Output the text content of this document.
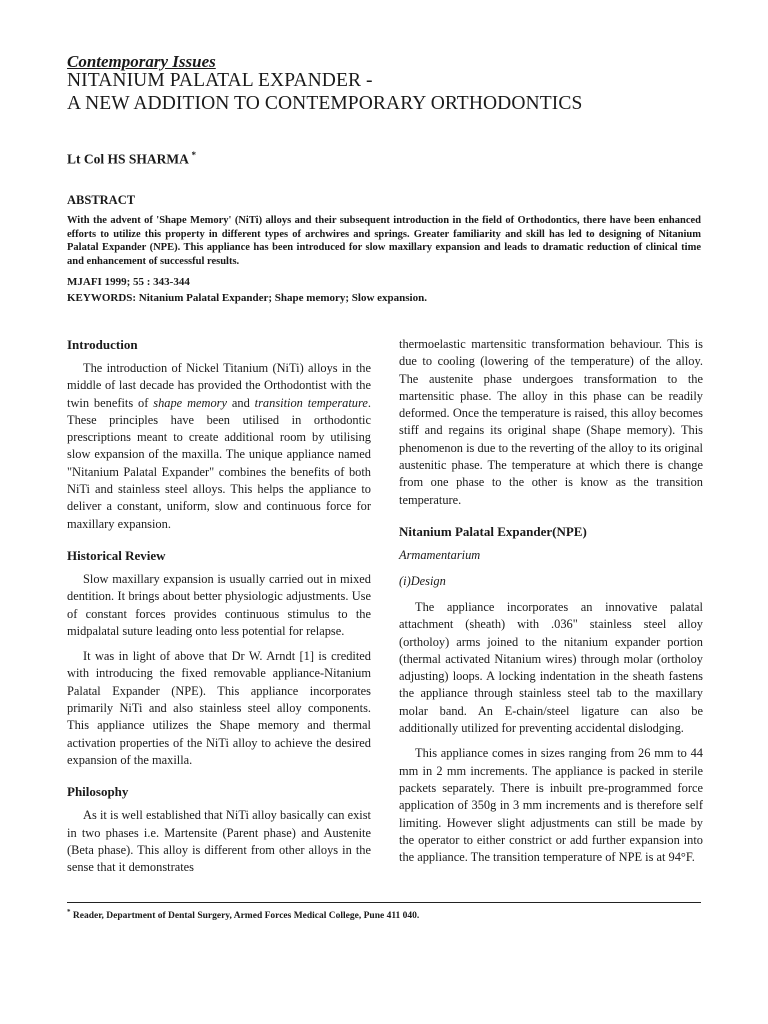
Contemporary Issues
NITANIUM PALATAL EXPANDER -
A NEW ADDITION TO CONTEMPORARY ORTHODONTICS
Lt Col HS SHARMA *
ABSTRACT

With the advent of 'Shape Memory' (NiTi) alloys and their subsequent introduction in the field of Orthodontics, there have been enhanced efforts to utilize this property in different types of archwires and springs. Greater familiarity and skill has led to designing of Nitanium Palatal Expander (NPE). This appliance has been introduced for slow maxillary expansion and leads to dramatic reduction of clinical time and enhancement of successful results.

MJAFI 1999; 55 : 343-344
KEYWORDS: Nitanium Palatal Expander; Shape memory; Slow expansion.
Introduction

The introduction of Nickel Titanium (NiTi) alloys in the middle of last decade has provided the Orthodontist with the twin benefits of shape memory and transition temperature. These principles have been utilised in orthodontic prescriptions meant to create additional room by utilising slow expansion of the maxilla. The unique appliance named "Nitanium Palatal Expander" combines the benefits of both NiTi and stainless steel alloys. This helps the appliance to deliver a constant, uniform, slow and continuous force for maxillary expansion.

Historical Review

Slow maxillary expansion is usually carried out in mixed dentition. It brings about better physiologic adjustments. Use of constant forces provides continuous stimulus to the midpalatal suture leading onto less potential for relapse.

It was in light of above that Dr W. Arndt [1] is credited with introducing the fixed removable appliance-Nitanium Palatal Expander (NPE). This appliance incorporates primarily NiTi and also stainless steel alloy components. This appliance utilizes the Shape memory and thermal activation properties of the NiTi alloy to achieve the desired expansion of the maxilla.

Philosophy

As it is well established that NiTi alloy basically can exist in two phases i.e. Martensite (Parent phase) and Austenite (Beta phase). This alloy is different from other alloys in the sense that it demonstrates

thermoelastic martensitic transformation behaviour. This is due to cooling (lowering of the temperature) of the alloy. The austenite phase undergoes transformation to the martensitic phase. The alloy in this phase can be readily deformed. Once the temperature is raised, this alloy becomes stiff and regains its original shape (Shape memory). This phenomenon is due to the reverting of the alloy to its original austenitic phase. The temperature at which there is change from one phase to the other is know as the transition temperature.

Nitanium Palatal Expander(NPE)
Armamentarium
(i)Design

The appliance incorporates an innovative palatal attachment (sheath) with .036" stainless steel alloy (ortholoy) arms joined to the nitanium expander portion (thermal activated Nitanium wires) through molar (ortholoy adjusting) loops. A locking indentation in the sheath fastens the appliance through stainless steel tab to the maxillary molar band. An E-chain/steel ligature can also be additionally utilized for preventing accidental dislodging.

This appliance comes in sizes ranging from 26 mm to 44 mm in 2 mm increments. The appliance is packed in sterile packets separately. There is inbuilt pre-programmed force application of 350g in 3 mm increments and is therefore self limiting. However slight adjustments can still be made by the operator to either constrict or add further expansion into the appliance. The transition temperature of NPE is at 94°F.

* Reader, Department of Dental Surgery, Armed Forces Medical College, Pune 411 040.
